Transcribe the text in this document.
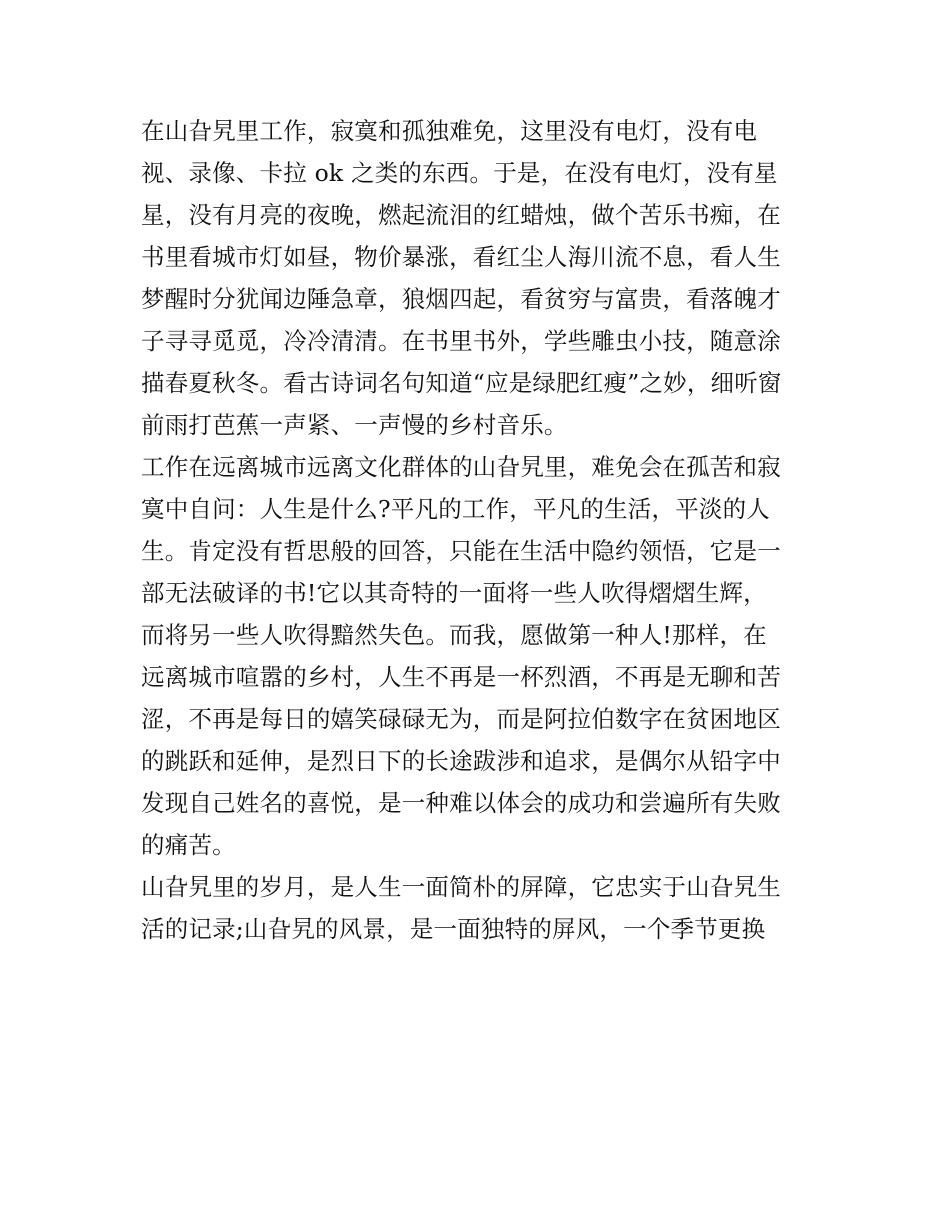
在山旮旯里工作，寂寞和孤独难免，这里没有电灯，没有电
视、录像、卡拉 ok 之类的东西。于是，在没有电灯，没有星
星，没有月亮的夜晚，燃起流泪的红蜡烛，做个苦乐书痴，在
书里看城市灯如昼，物价暴涨，看红尘人海川流不息，看人生
梦醒时分犹闻边陲急章，狼烟四起，看贫穷与富贵，看落魄才
子寻寻觅觅，冷冷清清。在书里书外，学些雕虫小技，随意涂
描春夏秋冬。看古诗词名句知道“应是绿肥红瘦”之妙，细听窗
前雨打芭蕉一声紧、一声慢的乡村音乐。
工作在远离城市远离文化群体的山旮旯里，难免会在孤苦和寂
寞中自问：人生是什么?平凡的工作，平凡的生活，平淡的人
生。肯定没有哲思般的回答，只能在生活中隐约领悟，它是一
部无法破译的书!它以其奇特的一面将一些人吹得熠熠生辉，
而将另一些人吹得黯然失色。而我，愿做第一种人!那样，在
远离城市喧嚣的乡村，人生不再是一杯烈酒，不再是无聊和苦
涩，不再是每日的嬉笑碌碌无为，而是阿拉伯数字在贫困地区
的跳跃和延伸，是烈日下的长途跋涉和追求，是偶尔从铅字中
发现自己姓名的喜悦，是一种难以体会的成功和尝遍所有失败
的痛苦。
山旮旯里的岁月，是人生一面简朴的屏障，它忠实于山旮旯生
活的记录;山旮旯的风景，是一面独特的屏风，一个季节更换
